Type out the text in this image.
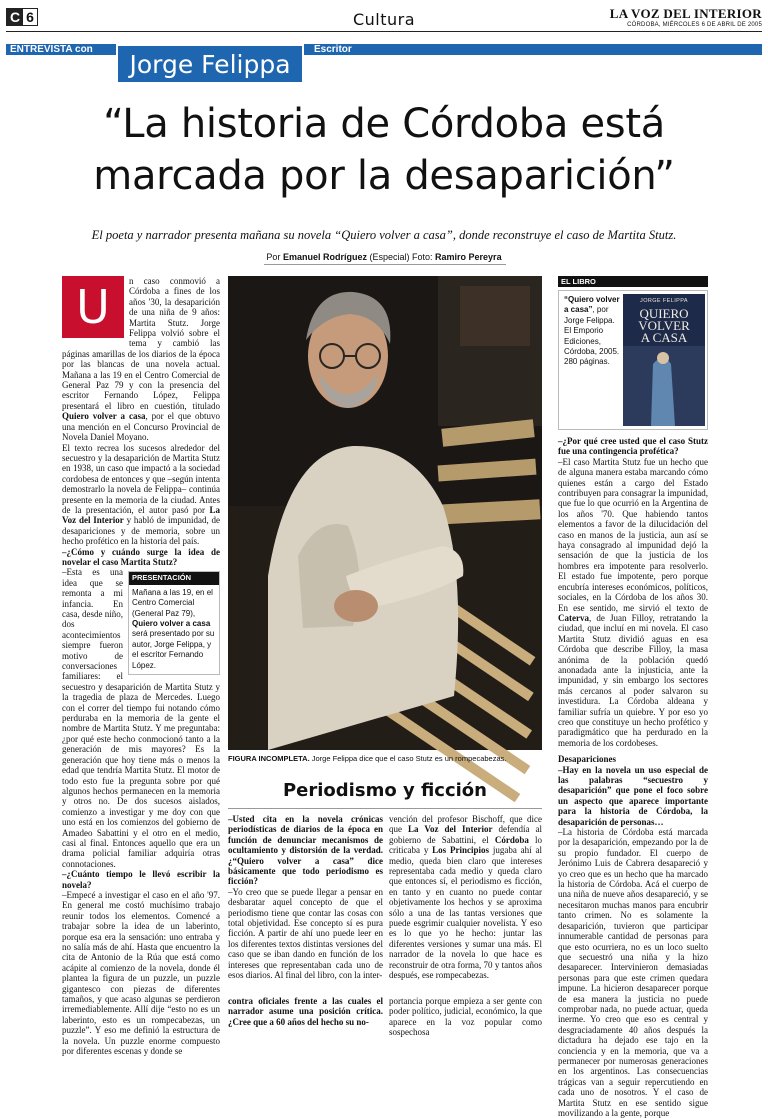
C 6	Cultura	LA VOZ DEL INTERIOR
CÓRDOBA, MIÉRCOLES 6 DE ABRIL DE 2005
ENTREVISTA con	Escritor
Jorge Felippa
“La historia de Córdoba está
marcada por la desaparición”
El poeta y narrador presenta mañana su novela “Quiero volver a casa”, donde reconstruye el caso de Martita Stutz.
Por Emanuel Rodríguez (Especial) Foto: Ramiro Pereyra
U	n caso conmovió a Córdoba a fines de los años '30, la desaparición de una niña de 9 años: Martita Stutz. Jorge Felippa volvió sobre el tema y cambió las páginas amarillas de los diarios de la época por las blancas de una novela actual. Mañana a las 19 en el Centro Comercial de General Paz 79 y con la presencia del escritor Fernando López, Felippa presentará el libro en cuestión, titulado Quiero volver a casa, por el que obtuvo una mención en el Concurso Provincial de Novela Daniel Moyano.

El texto recrea los sucesos alrededor del secuestro y la desaparición de Martita Stutz en 1938, un caso que impactó a la sociedad cordobesa de entonces y que –según intenta demostrarlo la novela de Felippa– continúa presente en la memoria de la ciudad. Antes de la presentación, el autor pasó por La Voz del Interior y habló de impunidad, de desapariciones y de memoria, sobre un hecho profético en la historia del país.

–¿Cómo y cuándo surge la idea de novelar el caso Martita Stutz?

PRESENTACIÓN
Mañana a las 19, en el Centro Comercial (General Paz 79), Quiero volver a casa será presentado por su autor, Jorge Felippa, y el escritor Fernando López.

–Esta es una idea que se remonta a mi infancia. En casa, desde niño, dos acontecimientos siempre fueron motivo de conversaciones familiares: el secuestro y desaparición de Martita Stutz y la tragedia de plaza de Mercedes. Luego con el correr del tiempo fui notando cómo perduraba en la memoria de la gente el nombre de Martita Stutz. Y me preguntaba: ¿por qué este hecho conmocionó tanto a la generación de mis mayores? Es la generación que hoy tiene más o menos la edad que tendría Martita Stutz. El motor de todo esto fue la pregunta sobre por qué algunos hechos permanecen en la memoria y otros no. De dos sucesos aislados, comienzo a investigar y me doy con que uno está en los comienzos del gobierno de Amadeo Sabattini y el otro en el medio, casi al final. Entonces aquello que era un drama policial familiar adquiría otras connotaciones.

–¿Cuánto tiempo le llevó escribir la novela?

–Empecé a investigar el caso en el año '97. En general me costó muchísimo trabajo reunir todos los elementos. Comencé a trabajar sobre la idea de un laberinto, porque esa era la sensación: uno entraba y no salía más de ahí. Hasta que encuentro la cita de Antonio de la Rúa que está como acápite al comienzo de la novela, donde él plantea la figura de un puzzle, un puzzle gigantesco con piezas de diferentes tamaños, y que acaso algunas se perdieron irremediablemente. Allí dije “esto no es un laberinto, esto es un rompecabezas, un puzzle”. Y eso me definió la estructura de la novela. Un puzzle enorme compuesto por diferentes escenas y donde se

FIGURA INCOMPLETA. Jorge Felippa dice que el caso Stutz es un rompecabezas.
Periodismo y ficción

–Usted cita en la novela crónicas periodísticas de diarios de la época en función de denunciar mecanismos de ocultamiento y distorsión de la verdad. ¿“Quiero volver a casa” dice básicamente que todo periodismo es ficción?

–Yo creo que se puede llegar a pensar en desbaratar aquel concepto de que el periodismo tiene que contar las cosas con total objetividad. Ese concepto sí es pura ficción. A partir de ahí uno puede leer en los diferentes textos distintas versiones del caso que se iban dando en función de los intereses que representaban cada uno de esos diarios. Al final del libro, con la inter-

vención del profesor Bischoff, que dice que La Voz del Interior defendía al gobierno de Sabattini, el Córdoba lo criticaba y Los Principios jugaba ahí al medio, queda bien claro que intereses representaba cada medio y queda claro que entonces sí, el periodismo es ficción, en tanto y en cuanto no puede contar objetivamente los hechos y se aproxima sólo a una de las tantas versiones que puede esgrimir cualquier novelista. Y eso es lo que yo he hecho: juntar las diferentes versiones y sumar una más. El narrador de la novela lo que hace es reconstruir de otra forma, 70 y tantos años después, ese rompecabezas.

contra oficiales frente a las cuales el narrador asume una posición crítica. ¿Cree que a 60 años del hecho su no-

portancia porque empieza a ser gente con poder político, judicial, económico, la que aparece en la voz popular como sospechosa

EL LIBRO
“Quiero volver a casa”, por Jorge Felippa. El Emporio Ediciones, Córdoba, 2005. 280 páginas.
JORGE FELIPPA
QUIERO
VOLVER
A CASA

–¿Por qué cree usted que el caso Stutz fue una contingencia profética?

–El caso Martita Stutz fue un hecho que de alguna manera estaba marcando cómo quienes están a cargo del Estado contribuyen para consagrar la impunidad, que fue lo que ocurrió en la Argentina de los años '70. Que habiendo tantos elementos a favor de la dilucidación del caso en manos de la justicia, aun así se haya consagrado al impunidad dejó la sensación de que la justicia de los hombres era impotente para resolverlo. El estado fue impotente, pero porque encubría intereses económicos, políticos, sociales, en la Córdoba de los años 30. En ese sentido, me sirvió el texto de Caterva, de Juan Filloy, retratando la ciudad, que incluí en mi novela. El caso Martita Stutz dividió aguas en esa Córdoba que describe Filloy, la masa anónima de la población quedó anonadada ante la injusticia, ante la impunidad, y sin embargo los sectores más cercanos al poder salvaron su investidura. La Córdoba aldeana y familiar sufría un quiebre. Y por eso yo creo que constituye un hecho profético y paradigmático que ha perdurado en la memoria de los cordobeses.

Desapariciones

–Hay en la novela un uso especial de las palabras “secuestro y desaparición” que pone el foco sobre un aspecto que aparece importante para la historia de Córdoba, la desaparición de personas…

–La historia de Córdoba está marcada por la desaparición, empezando por la de su propio fundador. El cuerpo de Jerónimo Luis de Cabrera desapareció y yo creo que es un hecho que ha marcado la historia de Córdoba. Acá el cuerpo de una niña de nueve años desapareció, y se necesitaron muchas manos para encubrir tanto crimen. No es solamente la desaparición, tuvieron que participar innumerable cantidad de personas para que esto ocurriera, no es un loco suelto que secuestró una niña y la hizo desaparecer. Intervinieron demasiadas personas para que este crimen quedara impune. La hicieron desaparecer porque de esa manera la justicia no puede comprobar nada, no puede actuar, queda inerme. Yo creo que eso es central y desgraciadamente 40 años después la dictadura ha dejado ese tajo en la conciencia y en la memoria, que va a permanecer por numerosas generaciones en los argentinos. Las consecuencias trágicas van a seguir repercutiendo en cada uno de nosotros. Y el caso de Martita Stutz en ese sentido sigue movilizando a la gente, porque
